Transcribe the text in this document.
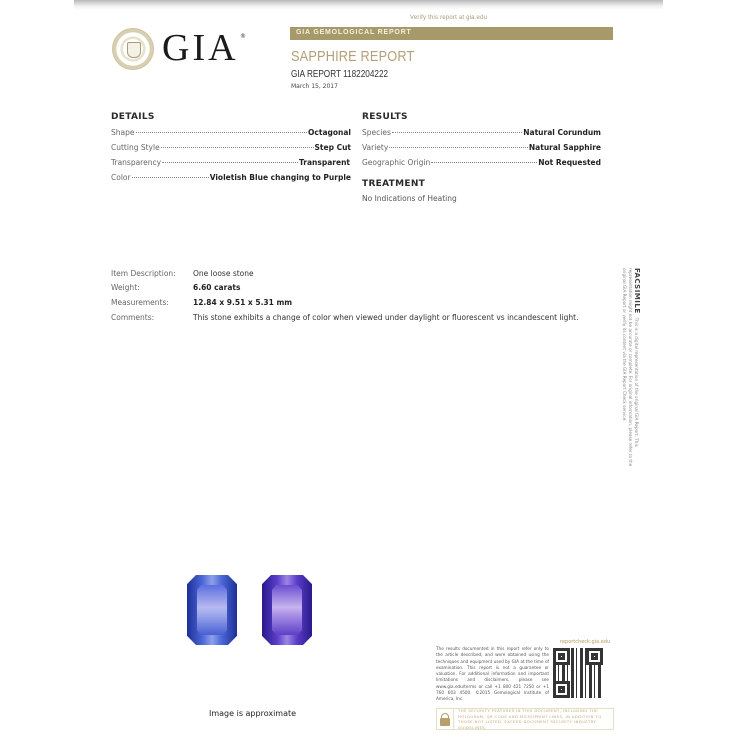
Verify this report at gia.edu
GIA ®
GIA GEMOLOGICAL REPORT
SAPPHIRE REPORT
GIA REPORT 1182204222
March 15, 2017
DETAILS
Shape	Octagonal
Cutting Style	Step Cut
Transparency	Transparent
Color	Violetish Blue changing to Purple
RESULTS
Species	Natural Corundum
Variety	Natural Sapphire
Geographic Origin	Not Requested
TREATMENT
No Indications of Heating
Item Description:	One loose stone
Weight:	6.60 carats
Measurements:	12.84 x 9.51 x 5.31 mm
Comments:	This stone exhibits a change of color when viewed under daylight or fluorescent vs incandescent light.
FACSIMILEThis is a digital representation of the original GIA Report. This representation might not be accurate or complete. For original information, please refer to the original GIA Report or verify its content via the GIA Report Check service.
Image is approximate
reportcheck.gia.edu
The results documented in this report refer only to the article described, and were obtained using the techniques and equipment used by GIA at the time of examination. This report is not a guarantee or valuation. For additional information and important limitations and disclaimers, please see www.gia.edu/terms or call +1 800 421 7250 or +1 760 603 4500. ©2015 Gemological Institute of America, Inc.
THE SECURITY FEATURES IN THIS DOCUMENT, INCLUDING THE HOLOGRAM, QR CODE AND MICROPRINT LINES, IN ADDITION TO THOSE NOT LISTED, EXCEED DOCUMENT SECURITY INDUSTRY GUIDELINES.
